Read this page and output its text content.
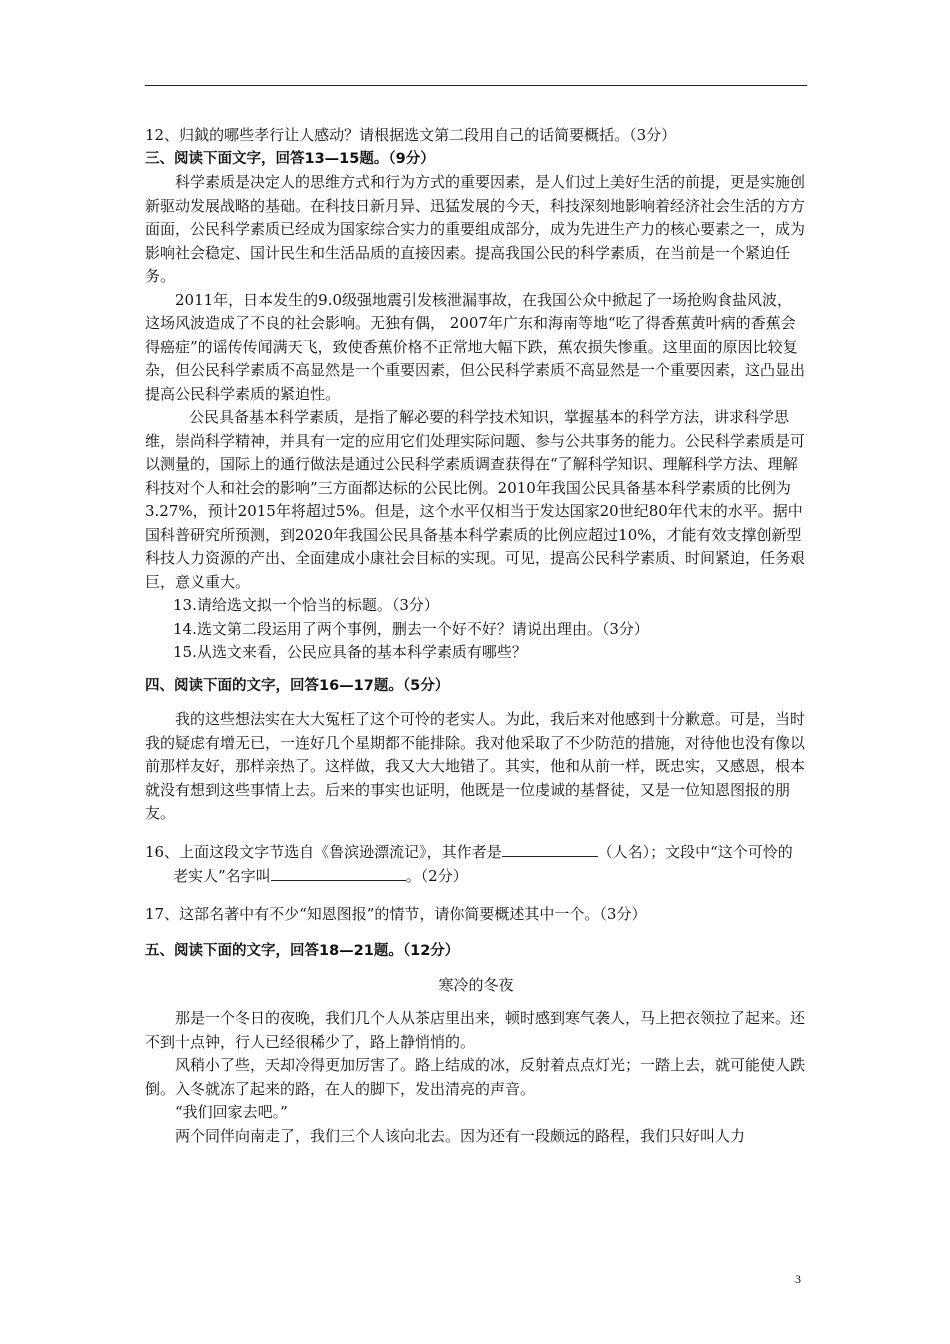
12、归鉞的哪些孝行让人感动？请根据选文第二段用自己的话简要概括。（3分）

三、阅读下面文字，回答13—15题。（9分）

科学素质是决定人的思维方式和行为方式的重要因素，是人们过上美好生活的前提，更是实施创新驱动发展战略的基础。在科技日新月异、迅猛发展的今天，科技深刻地影响着经济社会生活的方方面面，公民科学素质已经成为国家综合实力的重要组成部分，成为先进生产力的核心要素之一，成为影响社会稳定、国计民生和生活品质的直接因素。提高我国公民的科学素质，在当前是一个紧迫任务。

2011年，日本发生的9.0级强地震引发核泄漏事故，在我国公众中掀起了一场抢购食盐风波，这场风波造成了不良的社会影响。无独有偶， 2007年广东和海南等地“吃了得香蕉黄叶病的香蕉会得癌症”的谣传传闻满天飞，致使香蕉价格不正常地大幅下跌，蕉农损失惨重。这里面的原因比较复杂，但公民科学素质不高显然是一个重要因素，但公民科学素质不高显然是一个重要因素，这凸显出提高公民科学素质的紧迫性。

公民具备基本科学素质，是指了解必要的科学技术知识，掌握基本的科学方法，讲求科学思维，崇尚科学精神，并具有一定的应用它们处理实际问题、参与公共事务的能力。公民科学素质是可以测量的，国际上的通行做法是通过公民科学素质调查获得在“了解科学知识、理解科学方法、理解科技对个人和社会的影响”三方面都达标的公民比例。2010年我国公民具备基本科学素质的比例为3.27%，预计2015年将超过5%。但是，这个水平仅相当于发达国家20世纪80年代末的水平。据中国科普研究所预测，到2020年我国公民具备基本科学素质的比例应超过10%，才能有效支撑创新型科技人力资源的产出、全面建成小康社会目标的实现。可见，提高公民科学素质、时间紧迫，任务艰巨，意义重大。

13.请给选文拟一个恰当的标题。（3分）

14.选文第二段运用了两个事例，删去一个好不好？请说出理由。（3分）

15.从选文来看，公民应具备的基本科学素质有哪些？

四、阅读下面的文字，回答16—17题。（5分）

我的这些想法实在大大冤枉了这个可怜的老实人。为此，我后来对他感到十分歉意。可是，当时我的疑虑有增无已，一连好几个星期都不能排除。我对他采取了不少防范的措施，对待他也没有像以前那样友好，那样亲热了。这样做，我又大大地错了。其实，他和从前一样，既忠实，又感恩，根本就没有想到这些事情上去。后来的事实也证明，他既是一位虔诚的基督徒，又是一位知恩图报的朋友。

16、上面这段文字节选自《鲁滨逊漂流记》，其作者是	（人名）；文段中“这个可怜的老实人”名字叫	。（2分）

17、这部名著中有不少“知恩图报”的情节，请你简要概述其中一个。（3分）

五、阅读下面的文字，回答18—21题。（12分）

寒冷的冬夜

那是一个冬日的夜晚，我们几个人从茶店里出来，顿时感到寒气袭人，马上把衣领拉了起来。还不到十点钟，行人已经很稀少了，路上静悄悄的。

风稍小了些，天却冷得更加厉害了。路上结成的冰，反射着点点灯光；一踏上去，就可能使人跌倒。入冬就冻了起来的路，在人的脚下，发出清亮的声音。

“我们回家去吧。”

两个同伴向南走了，我们三个人该向北去。因为还有一段颇远的路程，我们只好叫人力

3
